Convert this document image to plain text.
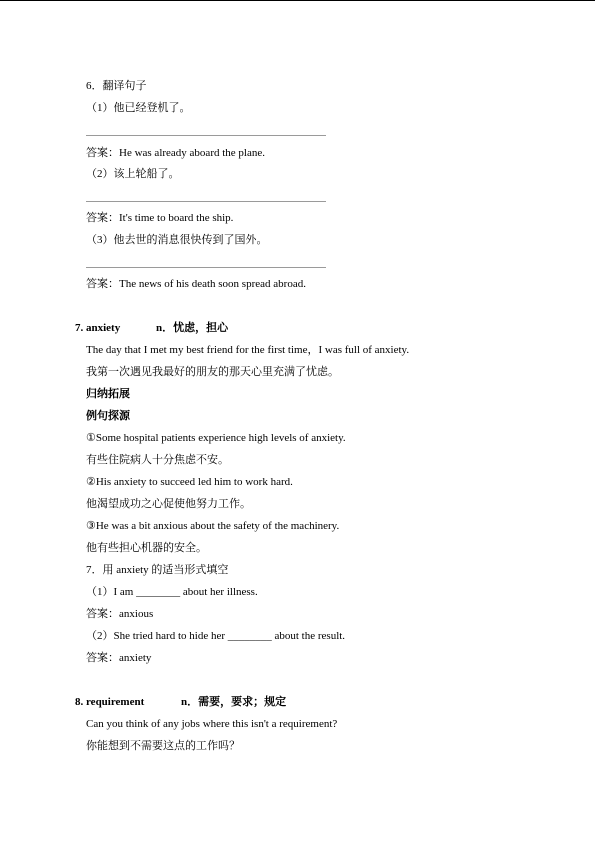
6．翻译句子
（1）他已经登机了。
答案：He was already aboard the plane.
（2）该上轮船了。
答案：It's time to board the ship.
（3）他去世的消息很快传到了国外。
答案：The news of his death soon spread abroad.
7. anxiety	n．忧虑，担心
The day that I met my best friend for the first time，I was full of anxiety.
我第一次遇见我最好的朋友的那天心里充满了忧虑。
归纳拓展
例句探源
①Some hospital patients experience high levels of anxiety.
有些住院病人十分焦虑不安。
②His anxiety to succeed led him to work hard.
他渴望成功之心促使他努力工作。
③He was a bit anxious about the safety of the machinery.
他有些担心机器的安全。
7．用 anxiety 的适当形式填空
（1）I am ________ about her illness.
答案：anxious
（2）She tried hard to hide her ________ about the result.
答案：anxiety
8. requirement	n．需要，要求；规定
Can you think of any jobs where this isn't a requirement?
你能想到不需要这点的工作吗？
